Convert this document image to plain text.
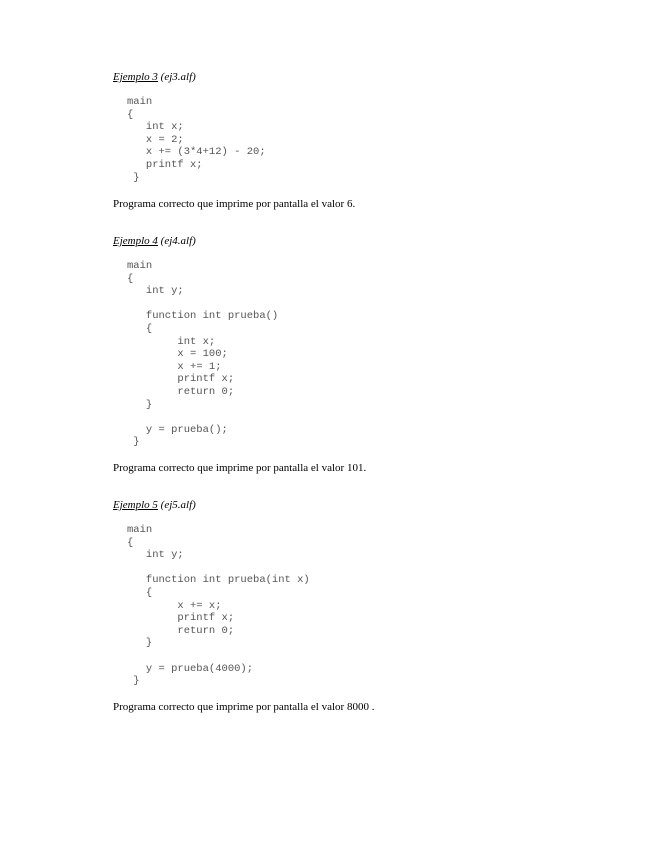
Ejemplo 3 (ej3.alf)
main
{
int x;
x = 2;
x += (3*4+12) - 20;
printf x;
}
Programa correcto que imprime por pantalla el valor 6.
Ejemplo 4 (ej4.alf)
main
{
int y;

function int prueba()
{
int x;
x = 100;
x += 1;
printf x;
return 0;
}

y = prueba();
}
Programa correcto que imprime por pantalla el valor 101.
Ejemplo 5 (ej5.alf)
main
{
int y;

function int prueba(int x)
{
x += x;
printf x;
return 0;
}

y = prueba(4000);
}
Programa correcto que imprime por pantalla el valor 8000 .
